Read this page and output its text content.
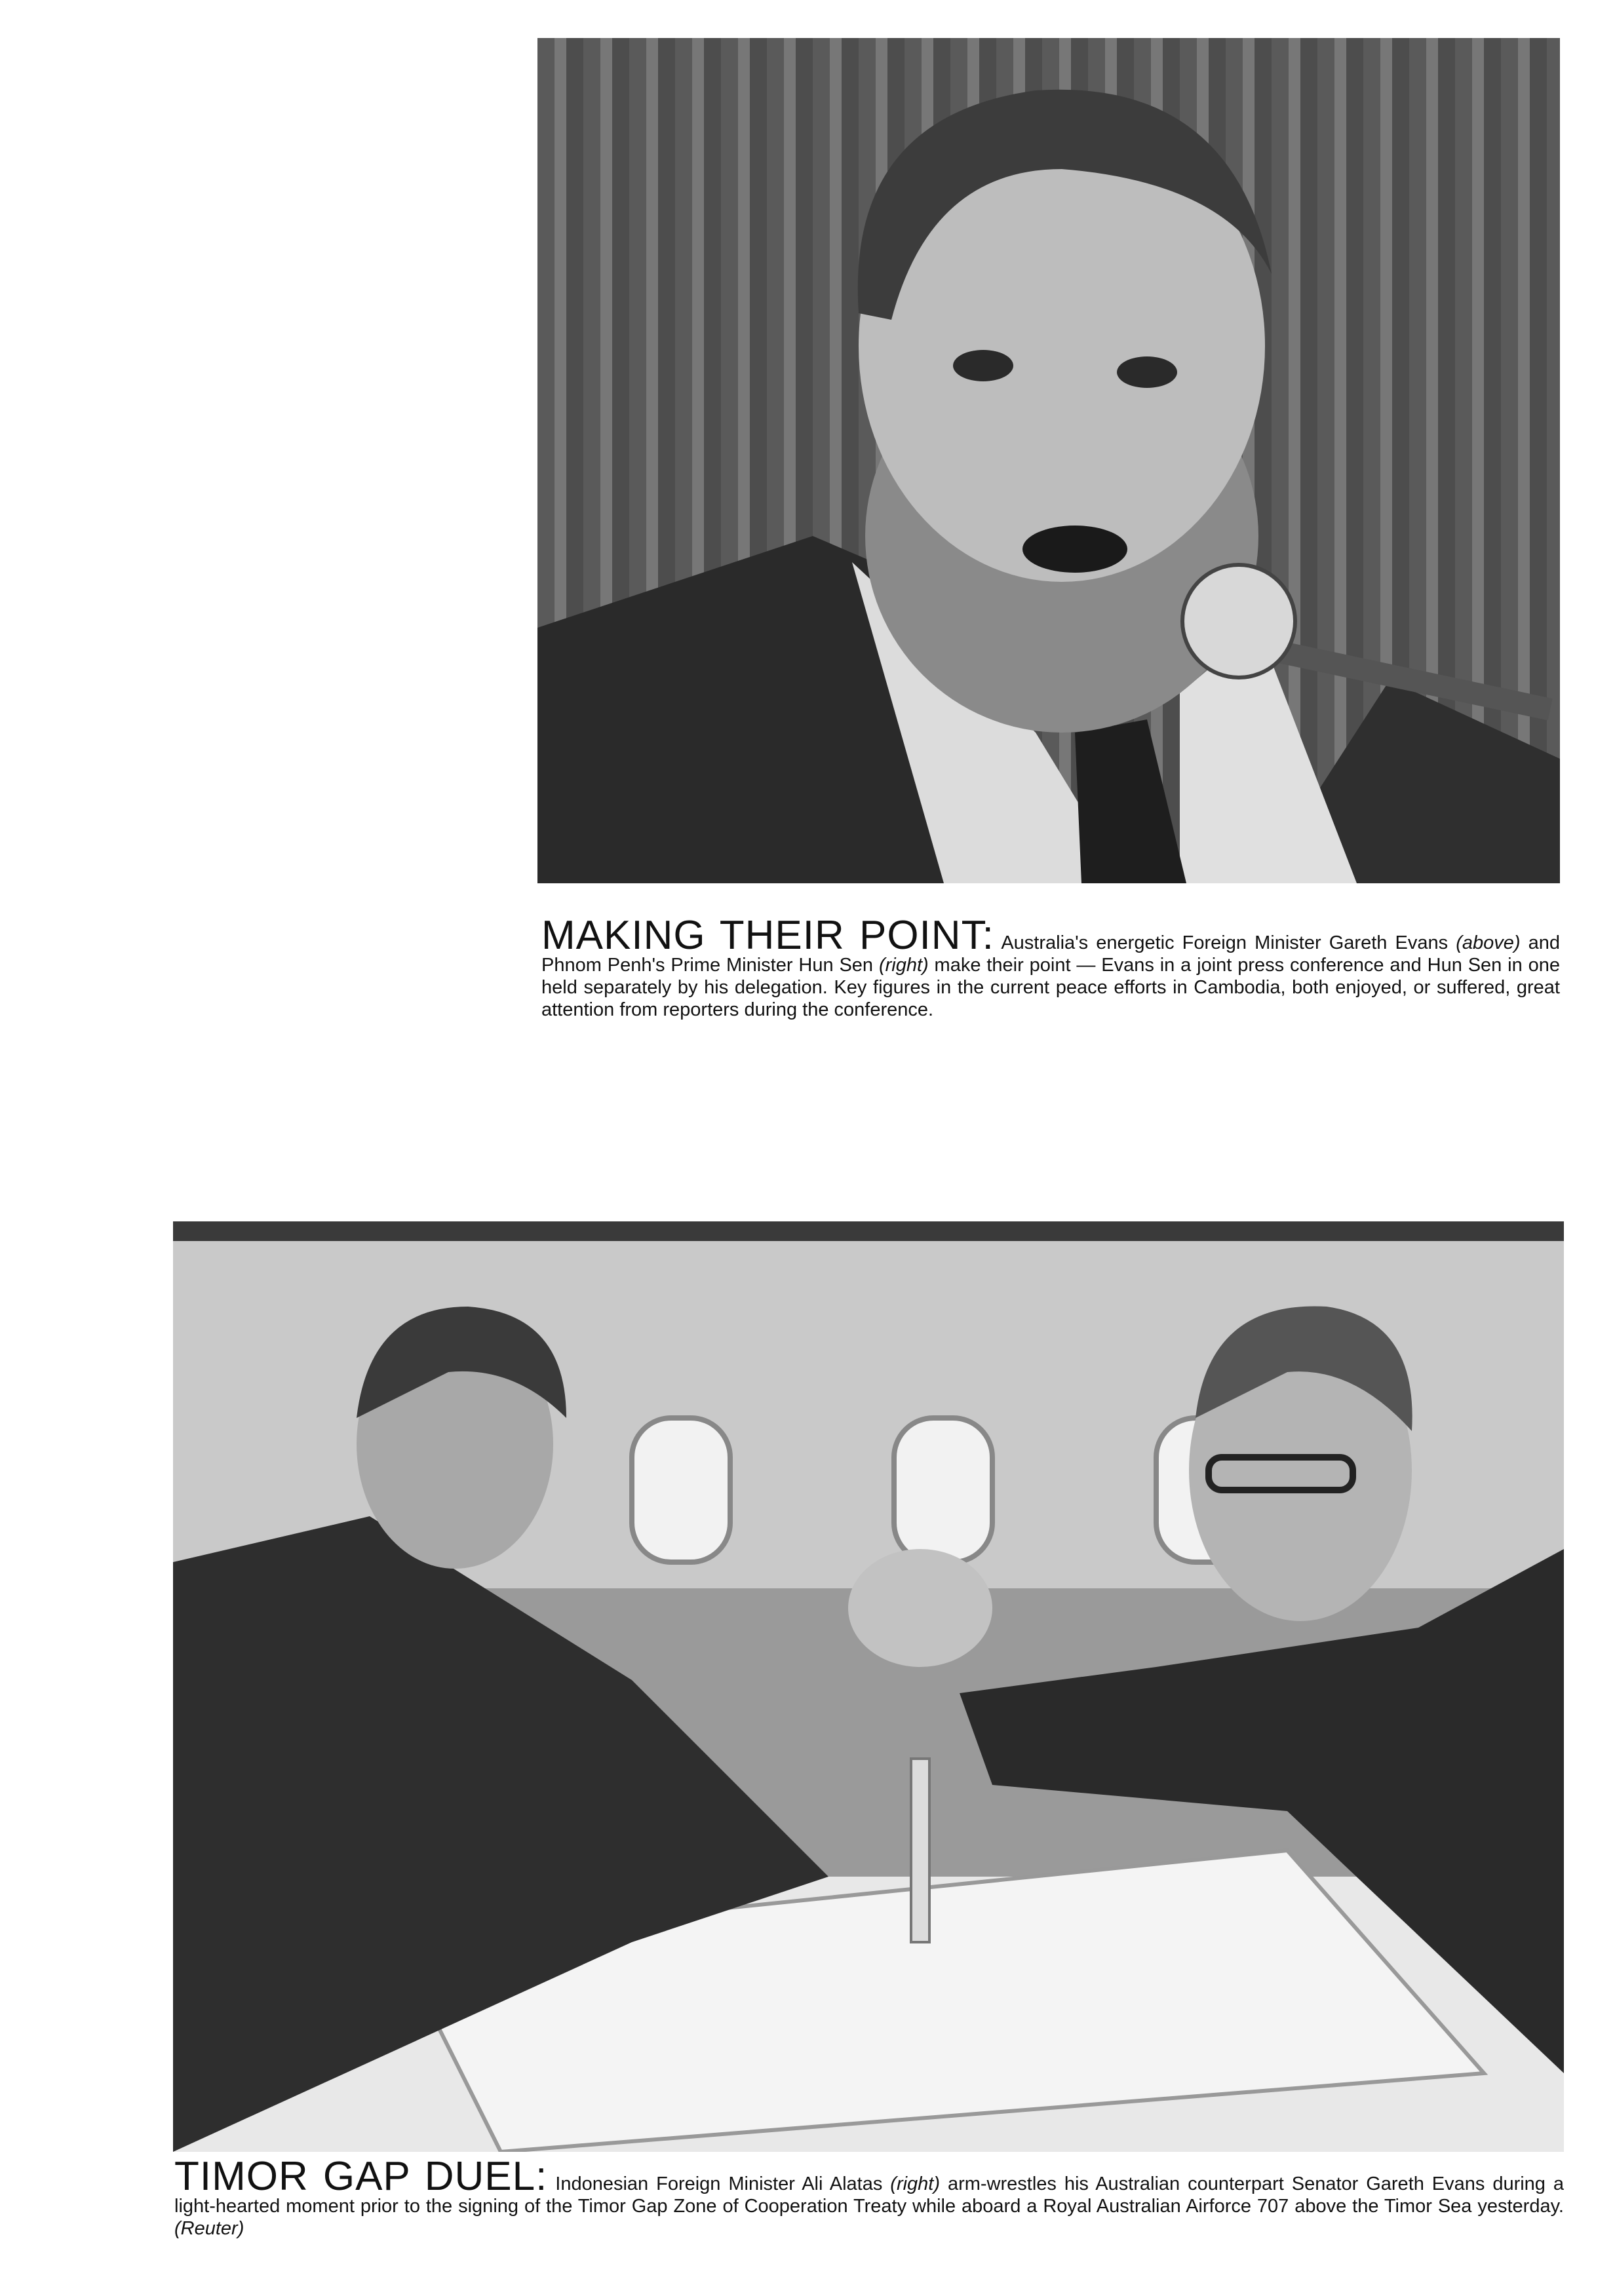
MAKING THEIR POINT: Australia's energetic Foreign Minister Gareth Evans (above) and Phnom Penh's Prime Minister Hun Sen (right) make their point — Evans in a joint press conference and Hun Sen in one held separately by his delegation. Key figures in the current peace efforts in Cambodia, both enjoyed, or suffered, great attention from reporters during the conference.
TIMOR GAP DUEL: Indonesian Foreign Minister Ali Alatas (right) arm-wrestles his Australian counterpart Senator Gareth Evans during a light-hearted moment prior to the signing of the Timor Gap Zone of Cooperation Treaty while aboard a Royal Australian Airforce 707 above the Timor Sea yesterday. (Reuter)
